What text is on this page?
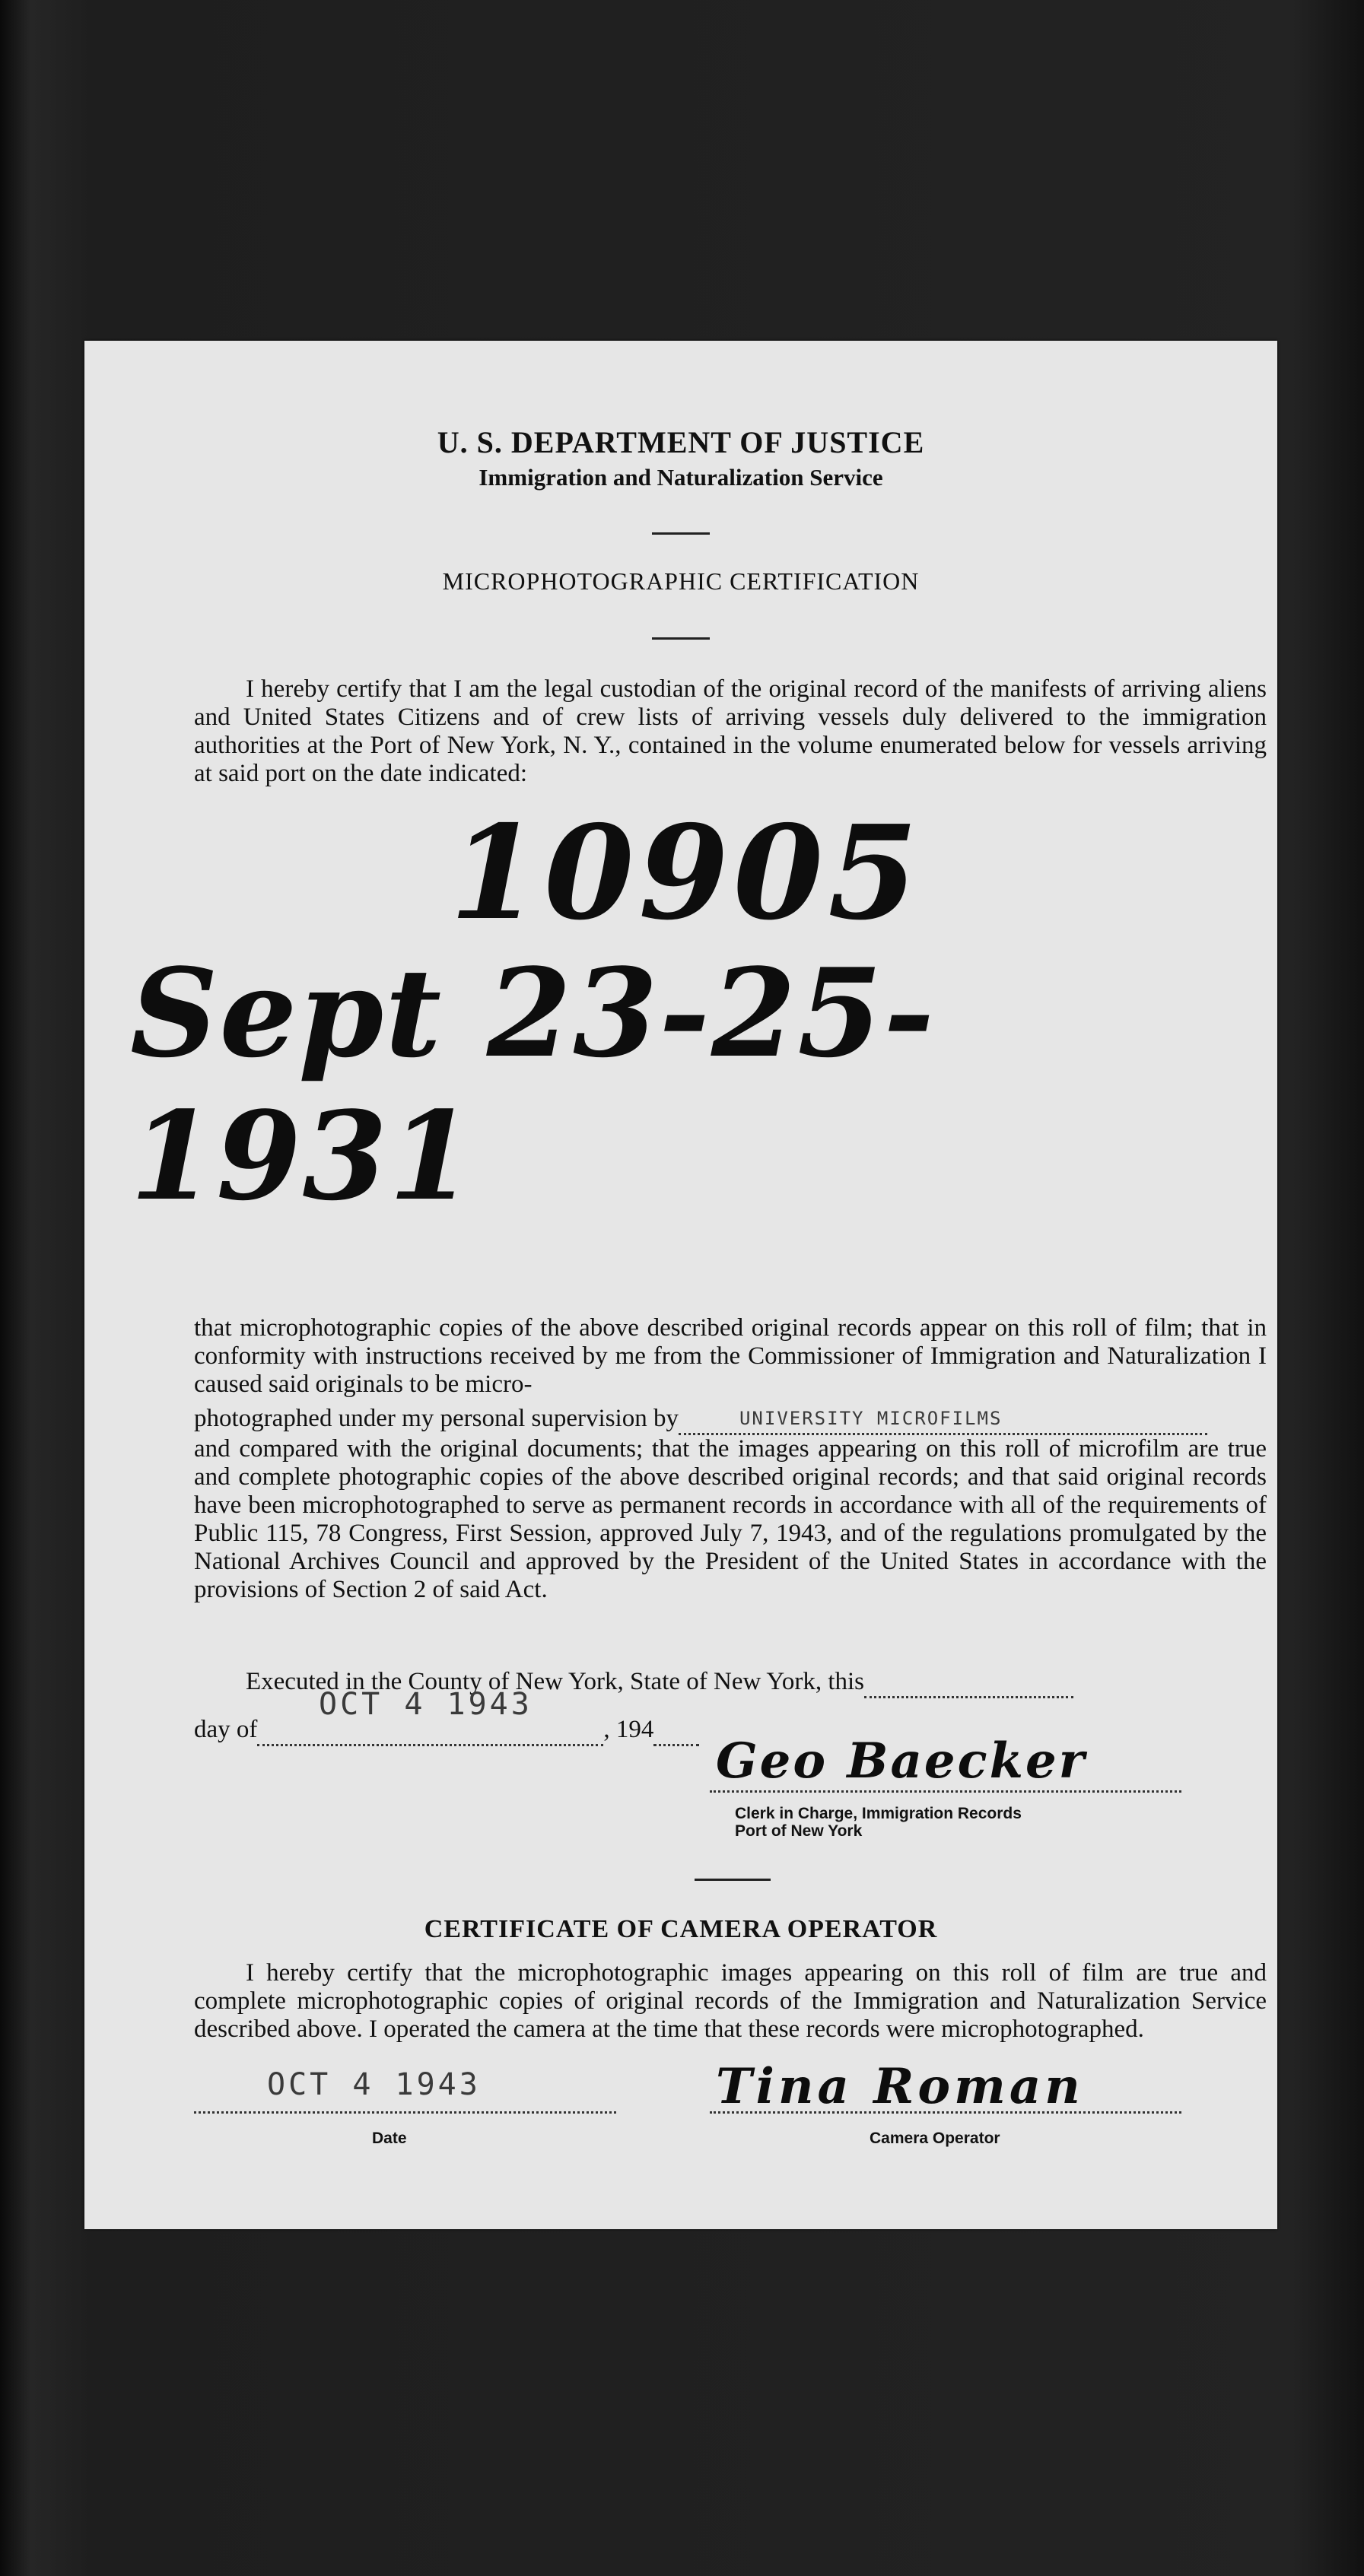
U. S. DEPARTMENT OF JUSTICE
Immigration and Naturalization Service
MICROPHOTOGRAPHIC CERTIFICATION

I hereby certify that I am the legal custodian of the original record of the manifests of arriving aliens and United States Citizens and of crew lists of arriving vessels duly delivered to the immigration authorities at the Port of New York, N. Y., contained in the volume enumerated below for vessels arriving at said port on the date indicated:

10905
Sept 23-25-1931
that microphotographic copies of the above described original records appear on this roll of film; that in conformity with instructions received by me from the Commissioner of Immigration and Naturalization I caused said originals to be micro-
photographed under my personal supervision by	UNIVERSITY MICROFILMS

and compared with the original documents; that the images appearing on this roll of microfilm are true and complete photographic copies of the above described original records; and that said original records have been microphotographed to serve as permanent records in accordance with all of the requirements of Public 115, 78 Congress, First Session, approved July 7, 1943, and of the regulations promulgated by the National Archives Council and approved by the President of the United States in accordance with the provisions of Section 2 of said Act.
Executed in the County of New York, State of New York, this
day of	, 194
OCT 4 1943
Geo Baecker
Clerk in Charge, Immigration Records
Port of New York
CERTIFICATE OF CAMERA OPERATOR

I hereby certify that the microphotographic images appearing on this roll of film are true and complete microphotographic copies of original records of the Immigration and Naturalization Service described above. I operated the camera at the time that these records were microphotographed.

OCT 4 1943
Date
Tina Roman
Camera Operator
